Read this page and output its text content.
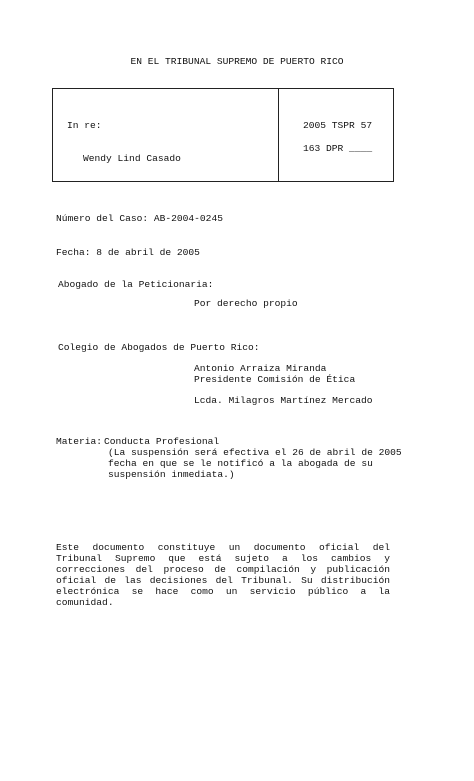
EN EL TRIBUNAL SUPREMO DE PUERTO RICO
In re:
Wendy Lind Casado
2005 TSPR 57
163 DPR ____
Número del Caso: AB-2004-0245
Fecha: 8 de abril de 2005
Abogado de la Peticionaria:
Por derecho propio
Colegio de Abogados de Puerto Rico:
Antonio Arraiza Miranda
Presidente Comisión de Ética
Lcda. Milagros Martínez Mercado
Materia: Conducta Profesional
(La suspensión será efectiva el 26 de abril de 2005
fecha en que se le notificó a la abogada de su
suspensión inmediata.)
Este documento constituye un documento oficial del Tribunal Supremo que está sujeto a los cambios y correcciones del proceso de compilación y publicación oficial de las decisiones del Tribunal. Su distribución electrónica se hace como un servicio público a la comunidad.
